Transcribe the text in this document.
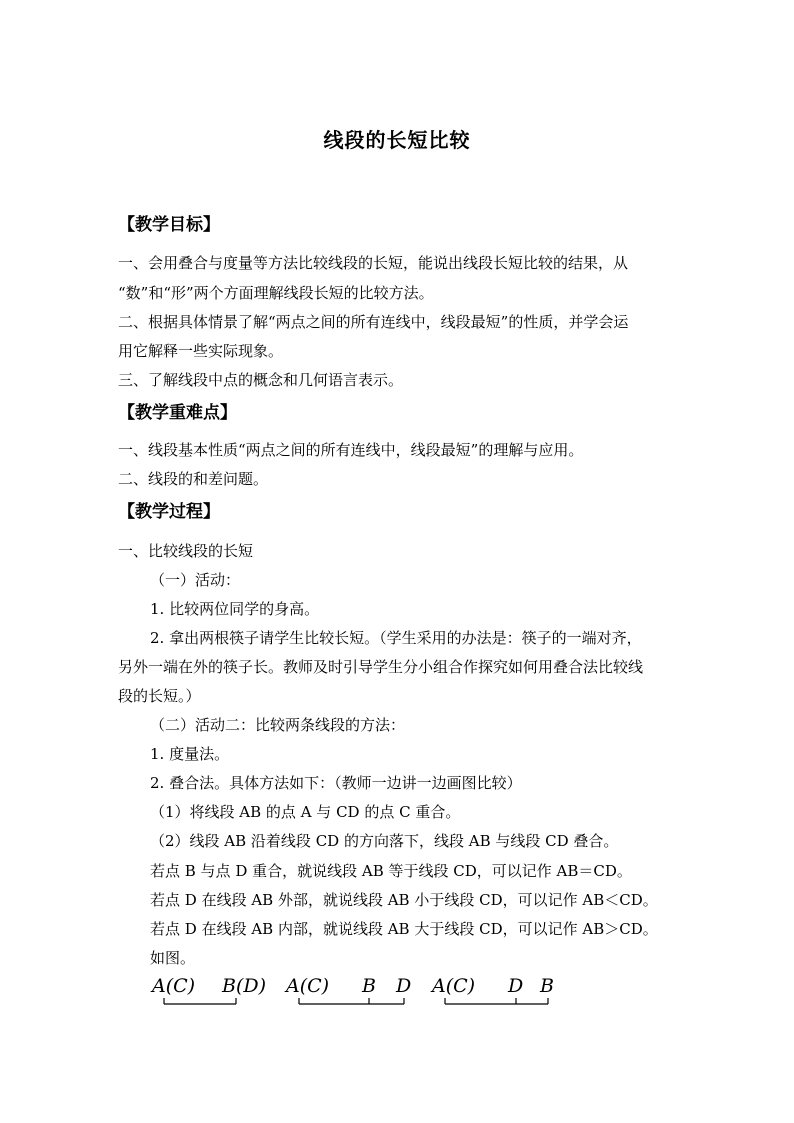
线段的长短比较
【教学目标】
一、会用叠合与度量等方法比较线段的长短，能说出线段长短比较的结果，从
“数”和“形”两个方面理解线段长短的比较方法。
二、根据具体情景了解“两点之间的所有连线中，线段最短”的性质，并学会运
用它解释一些实际现象。
三、了解线段中点的概念和几何语言表示。
【教学重难点】
一、线段基本性质“两点之间的所有连线中，线段最短”的理解与应用。
二、线段的和差问题。
【教学过程】
一、比较线段的长短
（一）活动：
1. 比较两位同学的身高。
2. 拿出两根筷子请学生比较长短。（学生采用的办法是：筷子的一端对齐，
另外一端在外的筷子长。教师及时引导学生分小组合作探究如何用叠合法比较线
段的长短。）
（二）活动二：比较两条线段的方法：
1. 度量法。
2. 叠合法。具体方法如下：（教师一边讲一边画图比较）
（1）将线段 AB 的点 A 与 CD 的点 C 重合。
（2）线段 AB 沿着线段 CD 的方向落下，线段 AB 与线段 CD 叠合。
若点 B 与点 D 重合，就说线段 AB 等于线段 CD，可以记作 AB＝CD。
若点 D 在线段 AB 外部，就说线段 AB 小于线段 CD，可以记作 AB＜CD。
若点 D 在线段 AB 内部，就说线段 AB 大于线段 CD，可以记作 AB＞CD。
如图。
A(C) B(D) A(C) B D A(C) D B
